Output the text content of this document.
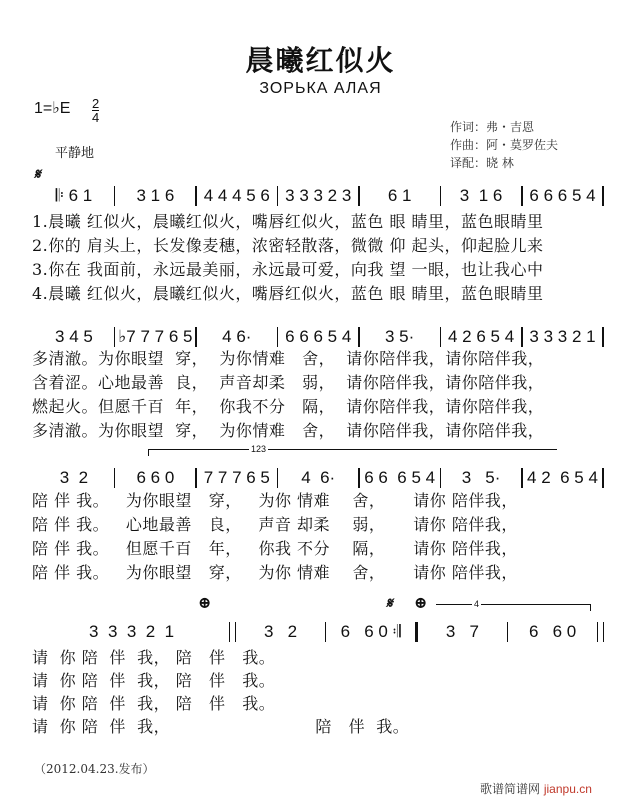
晨曦红似火
ЗОРЬКА АЛАЯ
1=♭E 2
4
作词：弗・吉恩
作曲：阿・莫罗佐夫
译配：晓 林
平静地
𝄋
𝄆 6 1	3 1 6	4 4 4 5 6 3 3 3 2 3	6 1	3  1 6	6 6 6 5 4
1.晨曦 红似火，晨曦红似火，嘴唇红似火，蓝色 眼 睛里，蓝色眼睛里
2.你的 肩头上，长发像麦穗，浓密轻散落，微微 仰 起头，仰起脸儿来
3.你在 我面前，永远最美丽，永远最可爱，向我 望 一眼，也让我心中
4.晨曦 红似火，晨曦红似火，嘴唇红似火，蓝色 眼 睛里，蓝色眼睛里
3 4 5	♭7 7 7 6 5	4 6·	6 6 6 5 4	3 5·	4 2 6 5 4 3 3 3 2 1
多清澈。为你眼望  穿，  为你情难   舍，  请你陪伴我，请你陪伴我，
含着涩。心地最善  良，  声音却柔   弱，  请你陪伴我，请你陪伴我，
燃起火。但愿千百  年，  你我不分   隔，  请你陪伴我，请你陪伴我，
多清澈。为你眼望  穿，  为你情难   舍，  请你陪伴我，请你陪伴我，
123
3  2	6 6 0	7 7 7 6 5	4  6·	6 6  6 5 4	3   5·	4 2  6 5 4
陪 伴 我。   为你眼望   穿，   为你 情难    舍，     请你 陪伴我，
陪 伴 我。   心地最善   良，   声音 却柔    弱，     请你 陪伴我，
陪 伴 我。   但愿千百   年，   你我 不分    隔，     请你 陪伴我，
陪 伴 我。   为你眼望   穿，   为你 情难    舍，     请你 陪伴我，
⊕	𝄋 ⊕	4
3  3  3  2  1	3   2	6   6 0 𝄇	3   7	6   6 0
请  你 陪  伴  我， 陪   伴   我。
请  你 陪  伴  我， 陪   伴   我。
请  你 陪  伴  我， 陪   伴   我。
请  你 陪  伴  我，                          陪   伴  我。
（2012.04.23.发布）
歌谱简谱网 jianpu.cn
